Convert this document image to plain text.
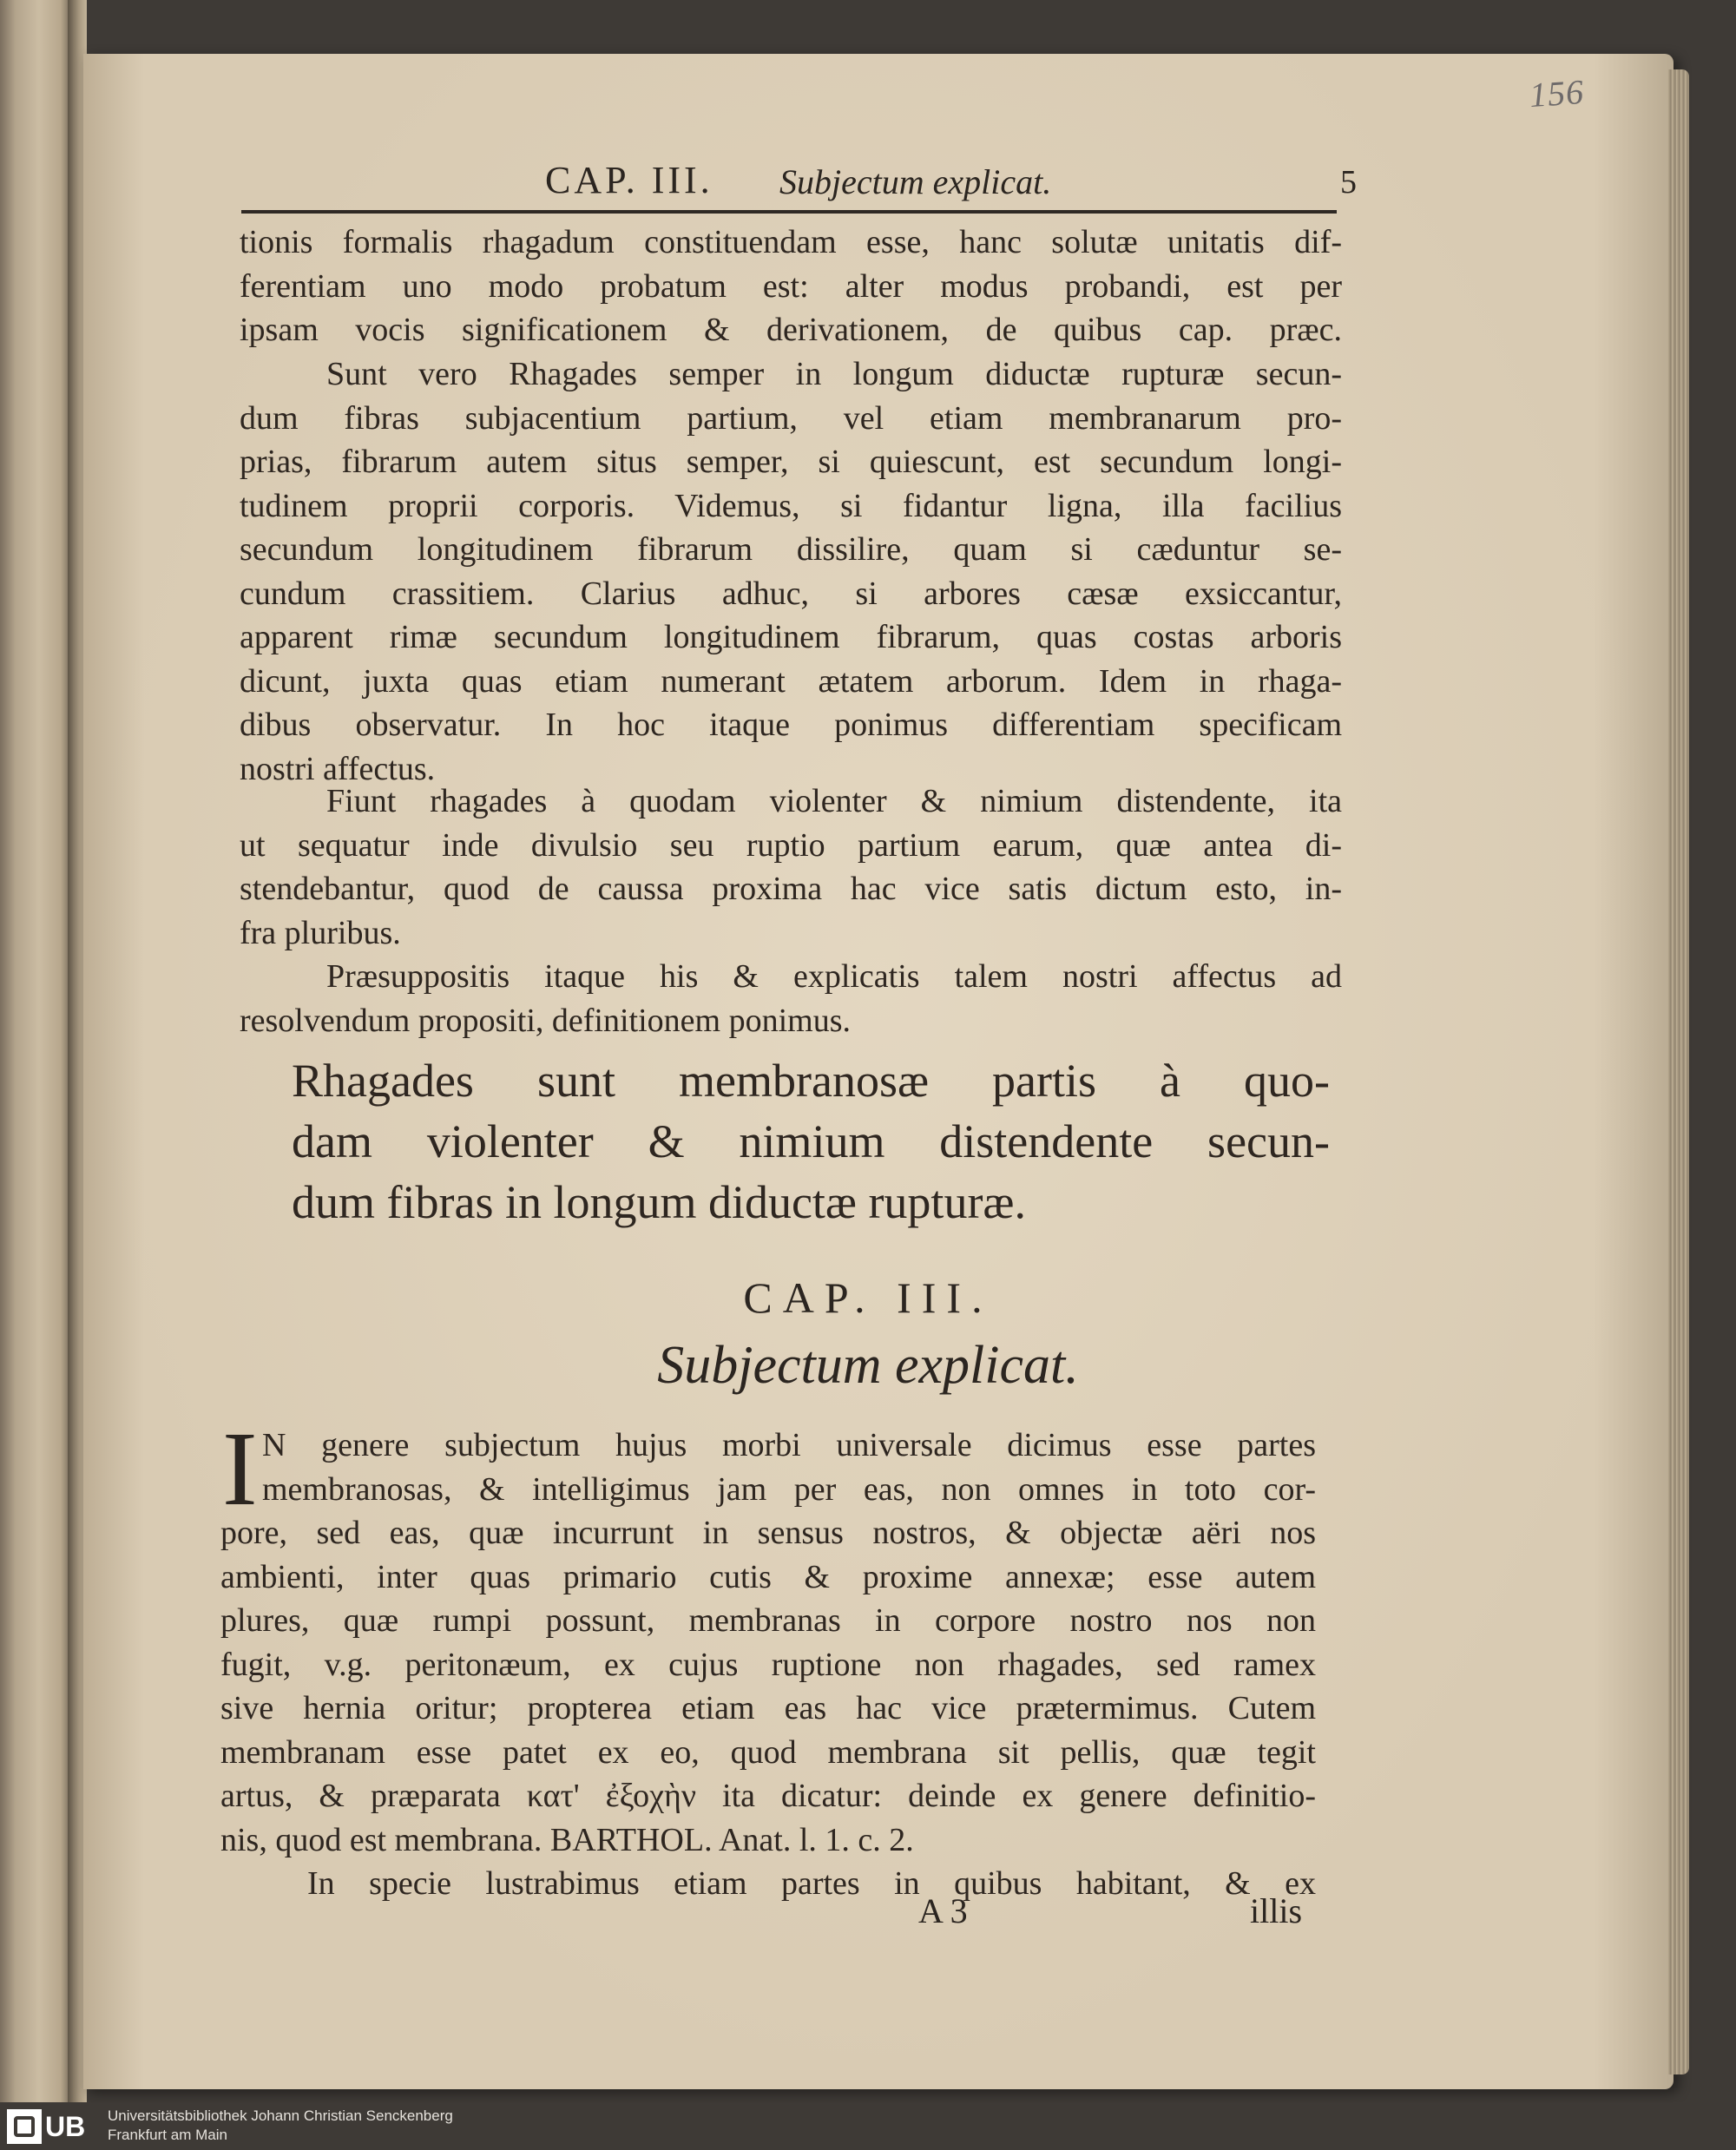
156
CAP. III. Subjectum explicat.	5
tionis formalis rhagadum constituendam esse, hanc solutæ unitatis dif-
ferentiam uno modo probatum est: alter modus probandi, est per
ipsam vocis significationem & derivationem, de quibus cap. præc.
Sunt vero Rhagades semper in longum diductæ rupturæ secun-
dum fibras subjacentium partium, vel etiam membranarum pro-
prias, fibrarum autem situs semper, si quiescunt, est secundum longi-
tudinem proprii corporis. Videmus, si fidantur ligna, illa facilius
secundum longitudinem fibrarum dissilire, quam si cæduntur se-
cundum crassitiem. Clarius adhuc, si arbores cæsæ exsiccantur,
apparent rimæ secundum longitudinem fibrarum, quas costas arboris
dicunt, juxta quas etiam numerant ætatem arborum. Idem in rhaga-
dibus observatur. In hoc itaque ponimus differentiam specificam
nostri affectus.
Fiunt rhagades à quodam violenter & nimium distendente, ita
ut sequatur inde divulsio seu ruptio partium earum, quæ antea di-
stendebantur, quod de caussa proxima hac vice satis dictum esto, in-
fra pluribus.
Præsuppositis itaque his & explicatis talem nostri affectus ad
resolvendum propositi, definitionem ponimus.
Rhagades sunt membranosæ partis à quo-
dam violenter & nimium distendente secun-
dum fibras in longum diductæ rupturæ.
CAP. III.
Subjectum explicat.
I N genere subjectum hujus morbi universale dicimus esse partes
membranosas, & intelligimus jam per eas, non omnes in toto cor-
pore, sed eas, quæ incurrunt in sensus nostros, & objectæ aëri nos
ambienti, inter quas primario cutis & proxime annexæ; esse autem
plures, quæ rumpi possunt, membranas in corpore nostro nos non
fugit, v.g. peritonæum, ex cujus ruptione non rhagades, sed ramex
sive hernia oritur; propterea etiam eas hac vice prætermimus. Cutem
membranam esse patet ex eo, quod membrana sit pellis, quæ tegit
artus, & præparata κατ' ἐξοχὴν ita dicatur: deinde ex genere definitio-
nis, quod est membrana. BARTHOL. Anat. l. 1. c. 2.
In specie lustrabimus etiam partes in quibus habitant, & ex
A 3	illis
UB Universitätsbibliothek Johann Christian Senckenberg
Frankfurt am Main
